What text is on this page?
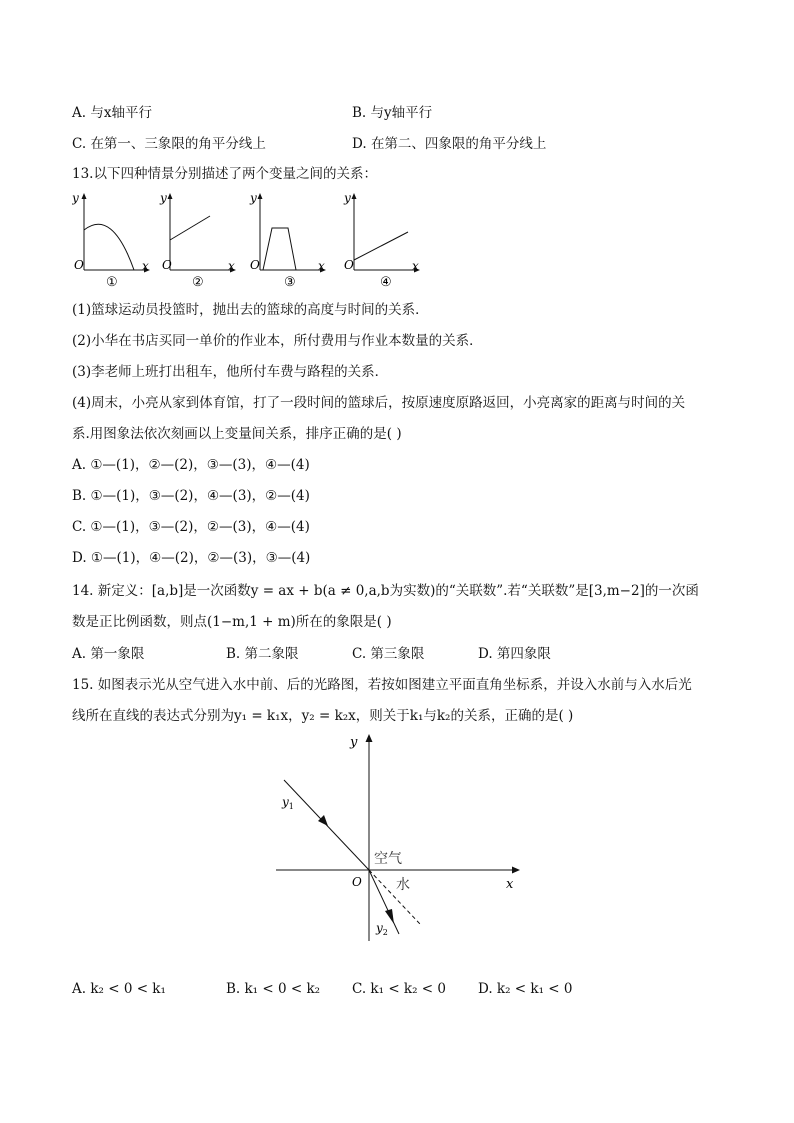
A. 与x轴平行	B. 与y轴平行
C. 在第一、三象限的角平分线上	D. 在第二、四象限的角平分线上
13.以下四种情景分别描述了两个变量之间的关系：
y
O	x
①
y
O	x
②
y
O	x
③
y
O	x
④
(1)篮球运动员投篮时，抛出去的篮球的高度与时间的关系．
(2)小华在书店买同一单价的作业本，所付费用与作业本数量的关系．
(3)李老师上班打出租车，他所付车费与路程的关系．
(4)周末，小亮从家到体育馆，打了一段时间的篮球后，按原速度原路返回，小亮离家的距离与时间的关
系.用图象法依次刻画以上变量间关系，排序正确的是( )
A. ①—(1)，②—(2)，③—(3)，④—(4)
B. ①—(1)，③—(2)，④—(3)，②—(4)
C. ①—(1)，③—(2)，②—(3)，④—(4)
D. ①—(1)，④—(2)，②—(3)，③—(4)
14. 新定义：[a,b]是一次函数y = ax + b(a ≠ 0,a,b为实数)的“关联数”.若“关联数”是[3,m−2]的一次函
数是正比例函数，则点(1−m,1 + m)所在的象限是( )
A. 第一象限	B. 第二象限	C. 第三象限	D. 第四象限
15. 如图表示光从空气进入水中前、后的光路图，若按如图建立平面直角坐标系，并设入水前与入水后光
线所在直线的表达式分别为y₁ = k₁x，y₂ = k₂x，则关于k₁与k₂的关系，正确的是( )
y
x
O
空气
水
$y_1$
$y_2$
A. k₂ < 0 < k₁	B. k₁ < 0 < k₂ C. k₁ < k₂ < 0 D. k₂ < k₁ < 0
